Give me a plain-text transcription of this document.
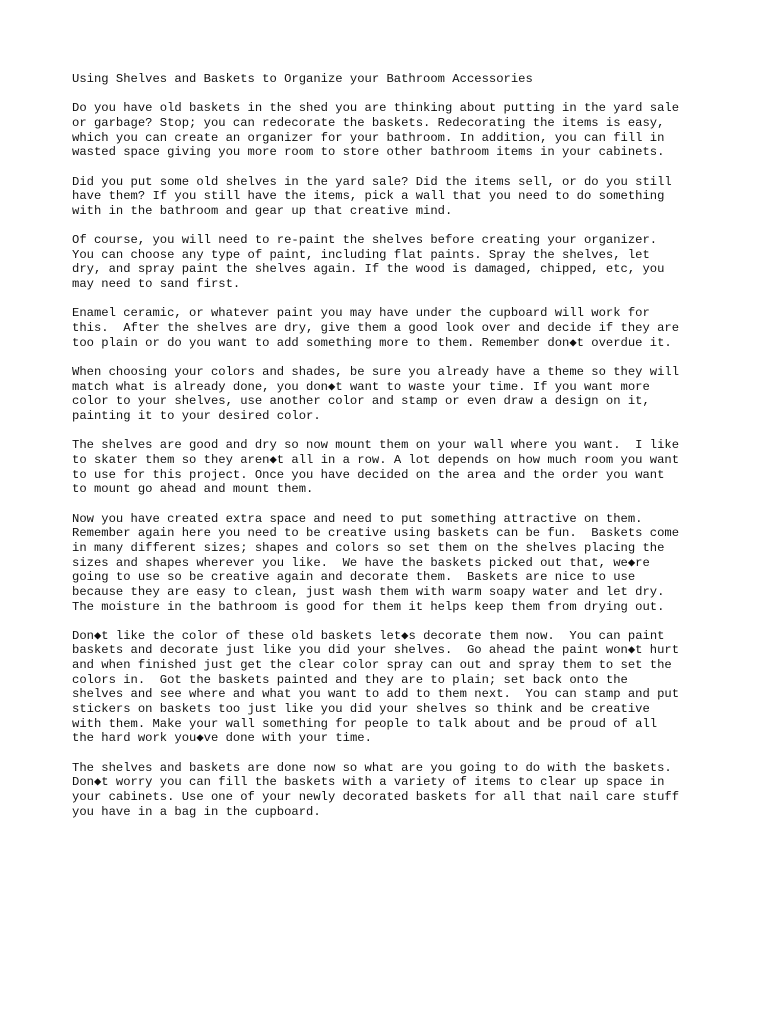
Using Shelves and Baskets to Organize your Bathroom Accessories
Do you have old baskets in the shed you are thinking about putting in the yard sale
or garbage? Stop; you can redecorate the baskets. Redecorating the items is easy,
which you can create an organizer for your bathroom. In addition, you can fill in
wasted space giving you more room to store other bathroom items in your cabinets.
Did you put some old shelves in the yard sale? Did the items sell, or do you still
have them? If you still have the items, pick a wall that you need to do something
with in the bathroom and gear up that creative mind.
Of course, you will need to re-paint the shelves before creating your organizer.
You can choose any type of paint, including flat paints. Spray the shelves, let
dry, and spray paint the shelves again. If the wood is damaged, chipped, etc, you
may need to sand first.
Enamel ceramic, or whatever paint you may have under the cupboard will work for
this.  After the shelves are dry, give them a good look over and decide if they are
too plain or do you want to add something more to them. Remember don◆t overdue it.
When choosing your colors and shades, be sure you already have a theme so they will
match what is already done, you don◆t want to waste your time. If you want more
color to your shelves, use another color and stamp or even draw a design on it,
painting it to your desired color.
The shelves are good and dry so now mount them on your wall where you want.  I like
to skater them so they aren◆t all in a row. A lot depends on how much room you want
to use for this project. Once you have decided on the area and the order you want
to mount go ahead and mount them.
Now you have created extra space and need to put something attractive on them.
Remember again here you need to be creative using baskets can be fun.  Baskets come
in many different sizes; shapes and colors so set them on the shelves placing the
sizes and shapes wherever you like.  We have the baskets picked out that, we◆re
going to use so be creative again and decorate them.  Baskets are nice to use
because they are easy to clean, just wash them with warm soapy water and let dry.
The moisture in the bathroom is good for them it helps keep them from drying out.
Don◆t like the color of these old baskets let◆s decorate them now.  You can paint
baskets and decorate just like you did your shelves.  Go ahead the paint won◆t hurt
and when finished just get the clear color spray can out and spray them to set the
colors in.  Got the baskets painted and they are to plain; set back onto the
shelves and see where and what you want to add to them next.  You can stamp and put
stickers on baskets too just like you did your shelves so think and be creative
with them. Make your wall something for people to talk about and be proud of all
the hard work you◆ve done with your time.
The shelves and baskets are done now so what are you going to do with the baskets.
Don◆t worry you can fill the baskets with a variety of items to clear up space in
your cabinets. Use one of your newly decorated baskets for all that nail care stuff
you have in a bag in the cupboard.
